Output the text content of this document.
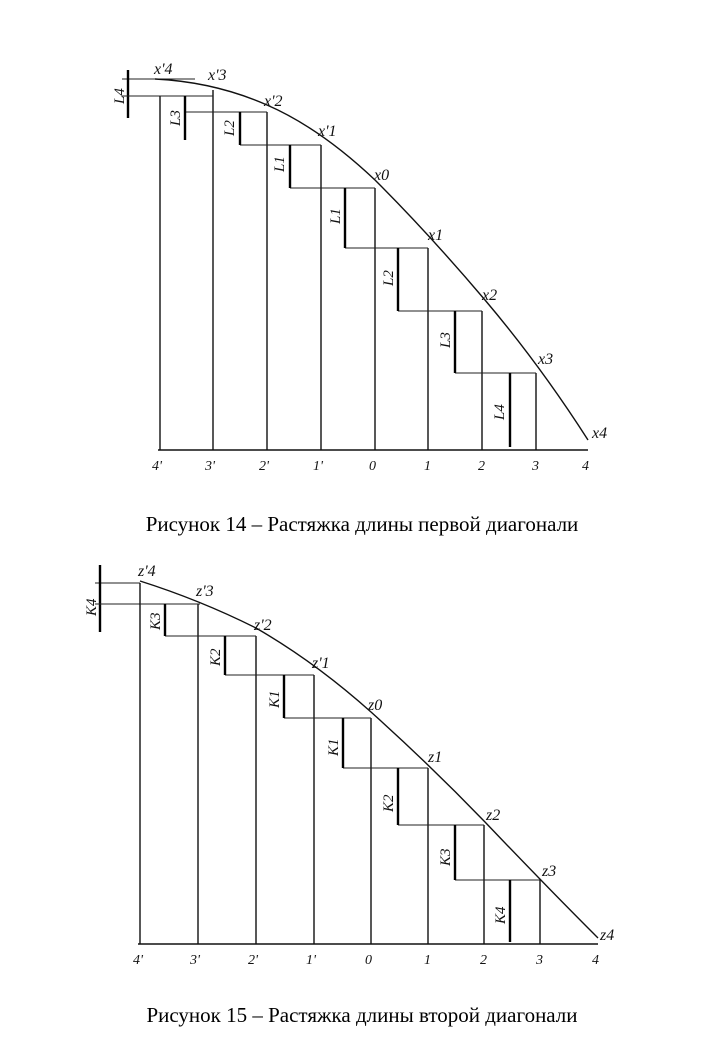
4'	3'	2'	1'	0	1	2	3	4
x'4 x'3
x'2
x'1
x0
x1
x2
x3
x4
L4
L3
L2
L1
L1
L2
L3
L4
4'	3'	2'	1'	0	1	2	3	4
z'4
z'3
z'2
z'1
z0
z1
z2
z3
z4
K4
K3
K2
K1
K1
K2
K3
K4
Рисунок 14 – Растяжка длины первой диагонали
Рисунок 15 – Растяжка длины второй диагонали
